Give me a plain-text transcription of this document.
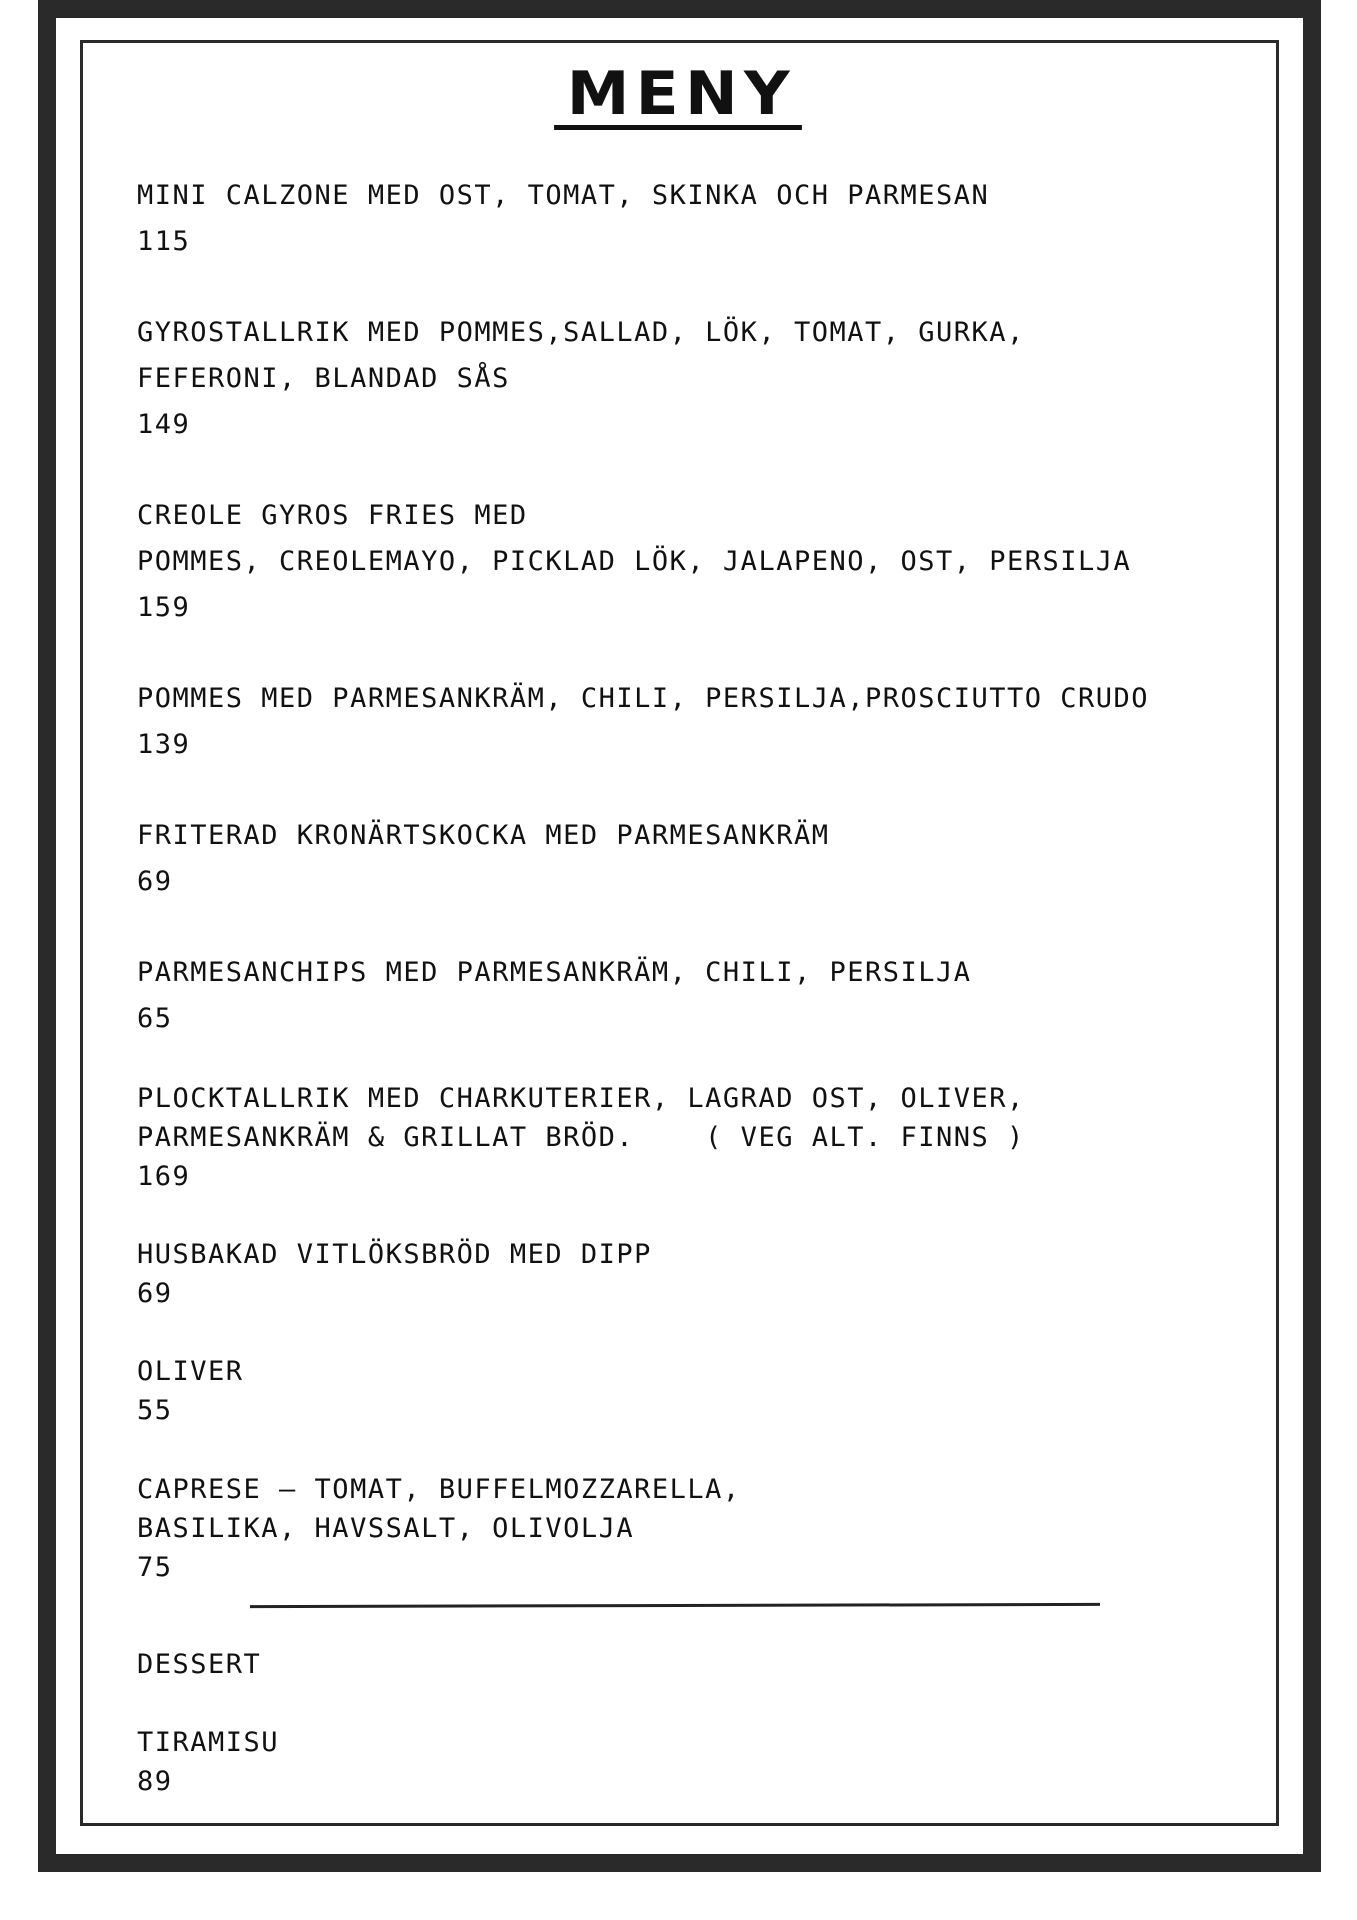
MENY
MINI CALZONE MED OST, TOMAT, SKINKA OCH PARMESAN
115
GYROSTALLRIK MED POMMES,SALLAD, LÖK, TOMAT, GURKA,
FEFERONI, BLANDAD SÅS
149
CREOLE GYROS FRIES MED
POMMES, CREOLEMAYO, PICKLAD LÖK, JALAPENO, OST, PERSILJA
159
POMMES MED PARMESANKRÄM, CHILI, PERSILJA,PROSCIUTTO CRUDO
139
FRITERAD KRONÄRTSKOCKA MED PARMESANKRÄM
69
PARMESANCHIPS MED PARMESANKRÄM, CHILI, PERSILJA
65
PLOCKTALLRIK MED CHARKUTERIER, LAGRAD OST, OLIVER,
PARMESANKRÄM & GRILLAT BRÖD.    ( VEG ALT. FINNS )
169
HUSBAKAD VITLÖKSBRÖD MED DIPP
69
OLIVER
55
CAPRESE – TOMAT, BUFFELMOZZARELLA,
BASILIKA, HAVSSALT, OLIVOLJA
75
DESSERT
TIRAMISU
89
